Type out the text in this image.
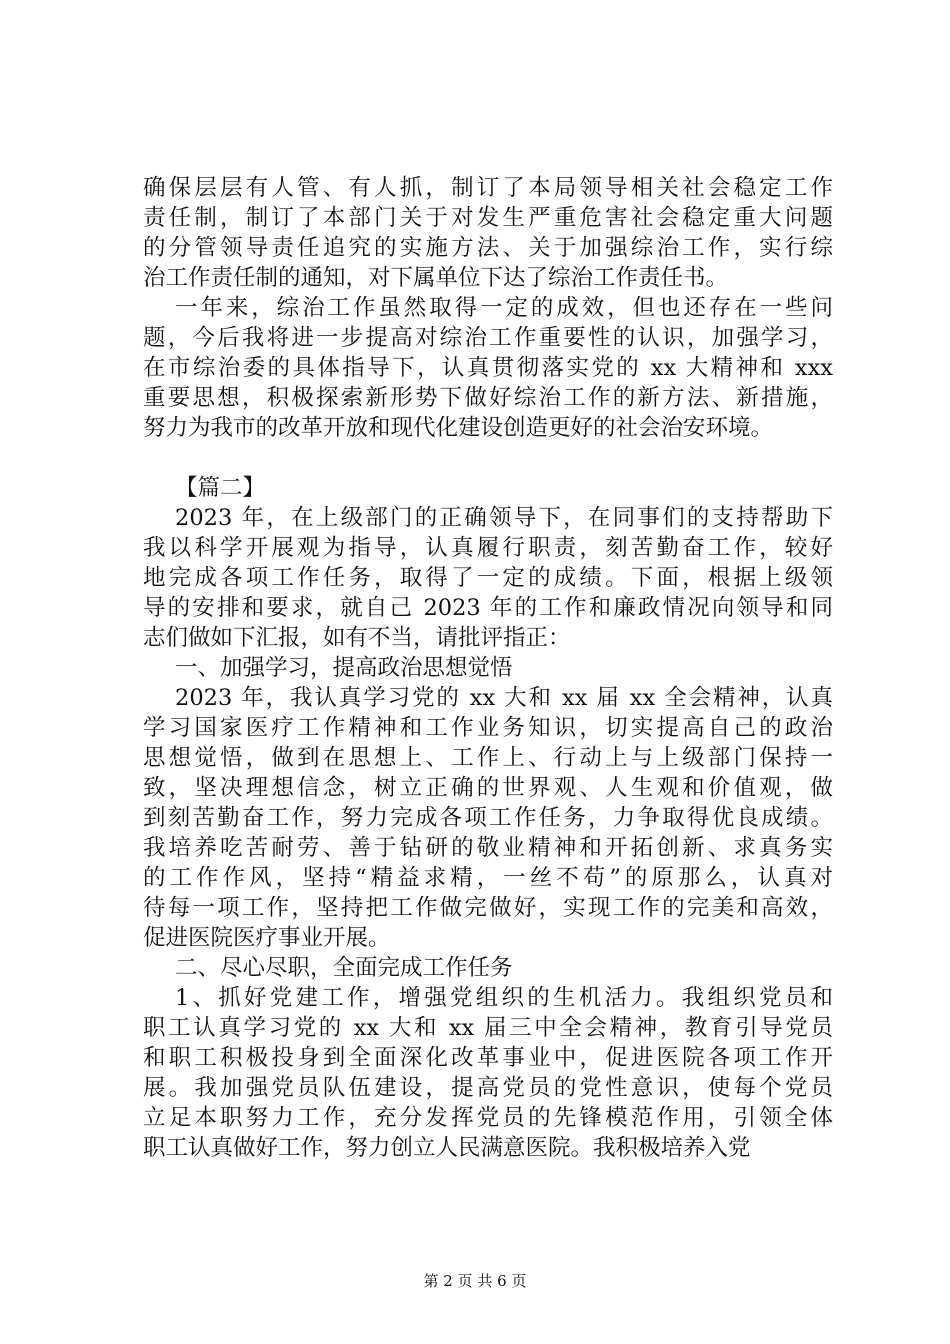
确保层层有人管、有人抓，制订了本局领导相关社会稳定工作
责任制，制订了本部门关于对发生严重危害社会稳定重大问题
的分管领导责任追究的实施方法、关于加强综治工作，实行综
治工作责任制的通知，对下属单位下达了综治工作责任书。
一年来，综治工作虽然取得一定的成效，但也还存在一些问
题，今后我将进一步提高对综治工作重要性的认识，加强学习，
在市综治委的具体指导下，认真贯彻落实党的 xx 大精神和 xxx
重要思想，积极探索新形势下做好综治工作的新方法、新措施，
努力为我市的改革开放和现代化建设创造更好的社会治安环境。
【篇二】
2023 年，在上级部门的正确领导下，在同事们的支持帮助下
我以科学开展观为指导，认真履行职责，刻苦勤奋工作，较好
地完成各项工作任务，取得了一定的成绩。下面，根据上级领
导的安排和要求，就自己 2023 年的工作和廉政情况向领导和同
志们做如下汇报，如有不当，请批评指正：
一、加强学习，提高政治思想觉悟
2023 年，我认真学习党的 xx 大和 xx 届 xx 全会精神，认真
学习国家医疗工作精神和工作业务知识，切实提高自己的政治
思想觉悟，做到在思想上、工作上、行动上与上级部门保持一
致，坚决理想信念，树立正确的世界观、人生观和价值观，做
到刻苦勤奋工作，努力完成各项工作任务，力争取得优良成绩。
我培养吃苦耐劳、善于钻研的敬业精神和开拓创新、求真务实
的工作作风，坚持“精益求精，一丝不苟”的原那么，认真对
待每一项工作，坚持把工作做完做好，实现工作的完美和高效，
促进医院医疗事业开展。
二、尽心尽职，全面完成工作任务
1、抓好党建工作，增强党组织的生机活力。我组织党员和
职工认真学习党的 xx 大和 xx 届三中全会精神，教育引导党员
和职工积极投身到全面深化改革事业中，促进医院各项工作开
展。我加强党员队伍建设，提高党员的党性意识，使每个党员
立足本职努力工作，充分发挥党员的先锋模范作用，引领全体
职工认真做好工作，努力创立人民满意医院。我积极培养入党
第 2 页 共 6 页
